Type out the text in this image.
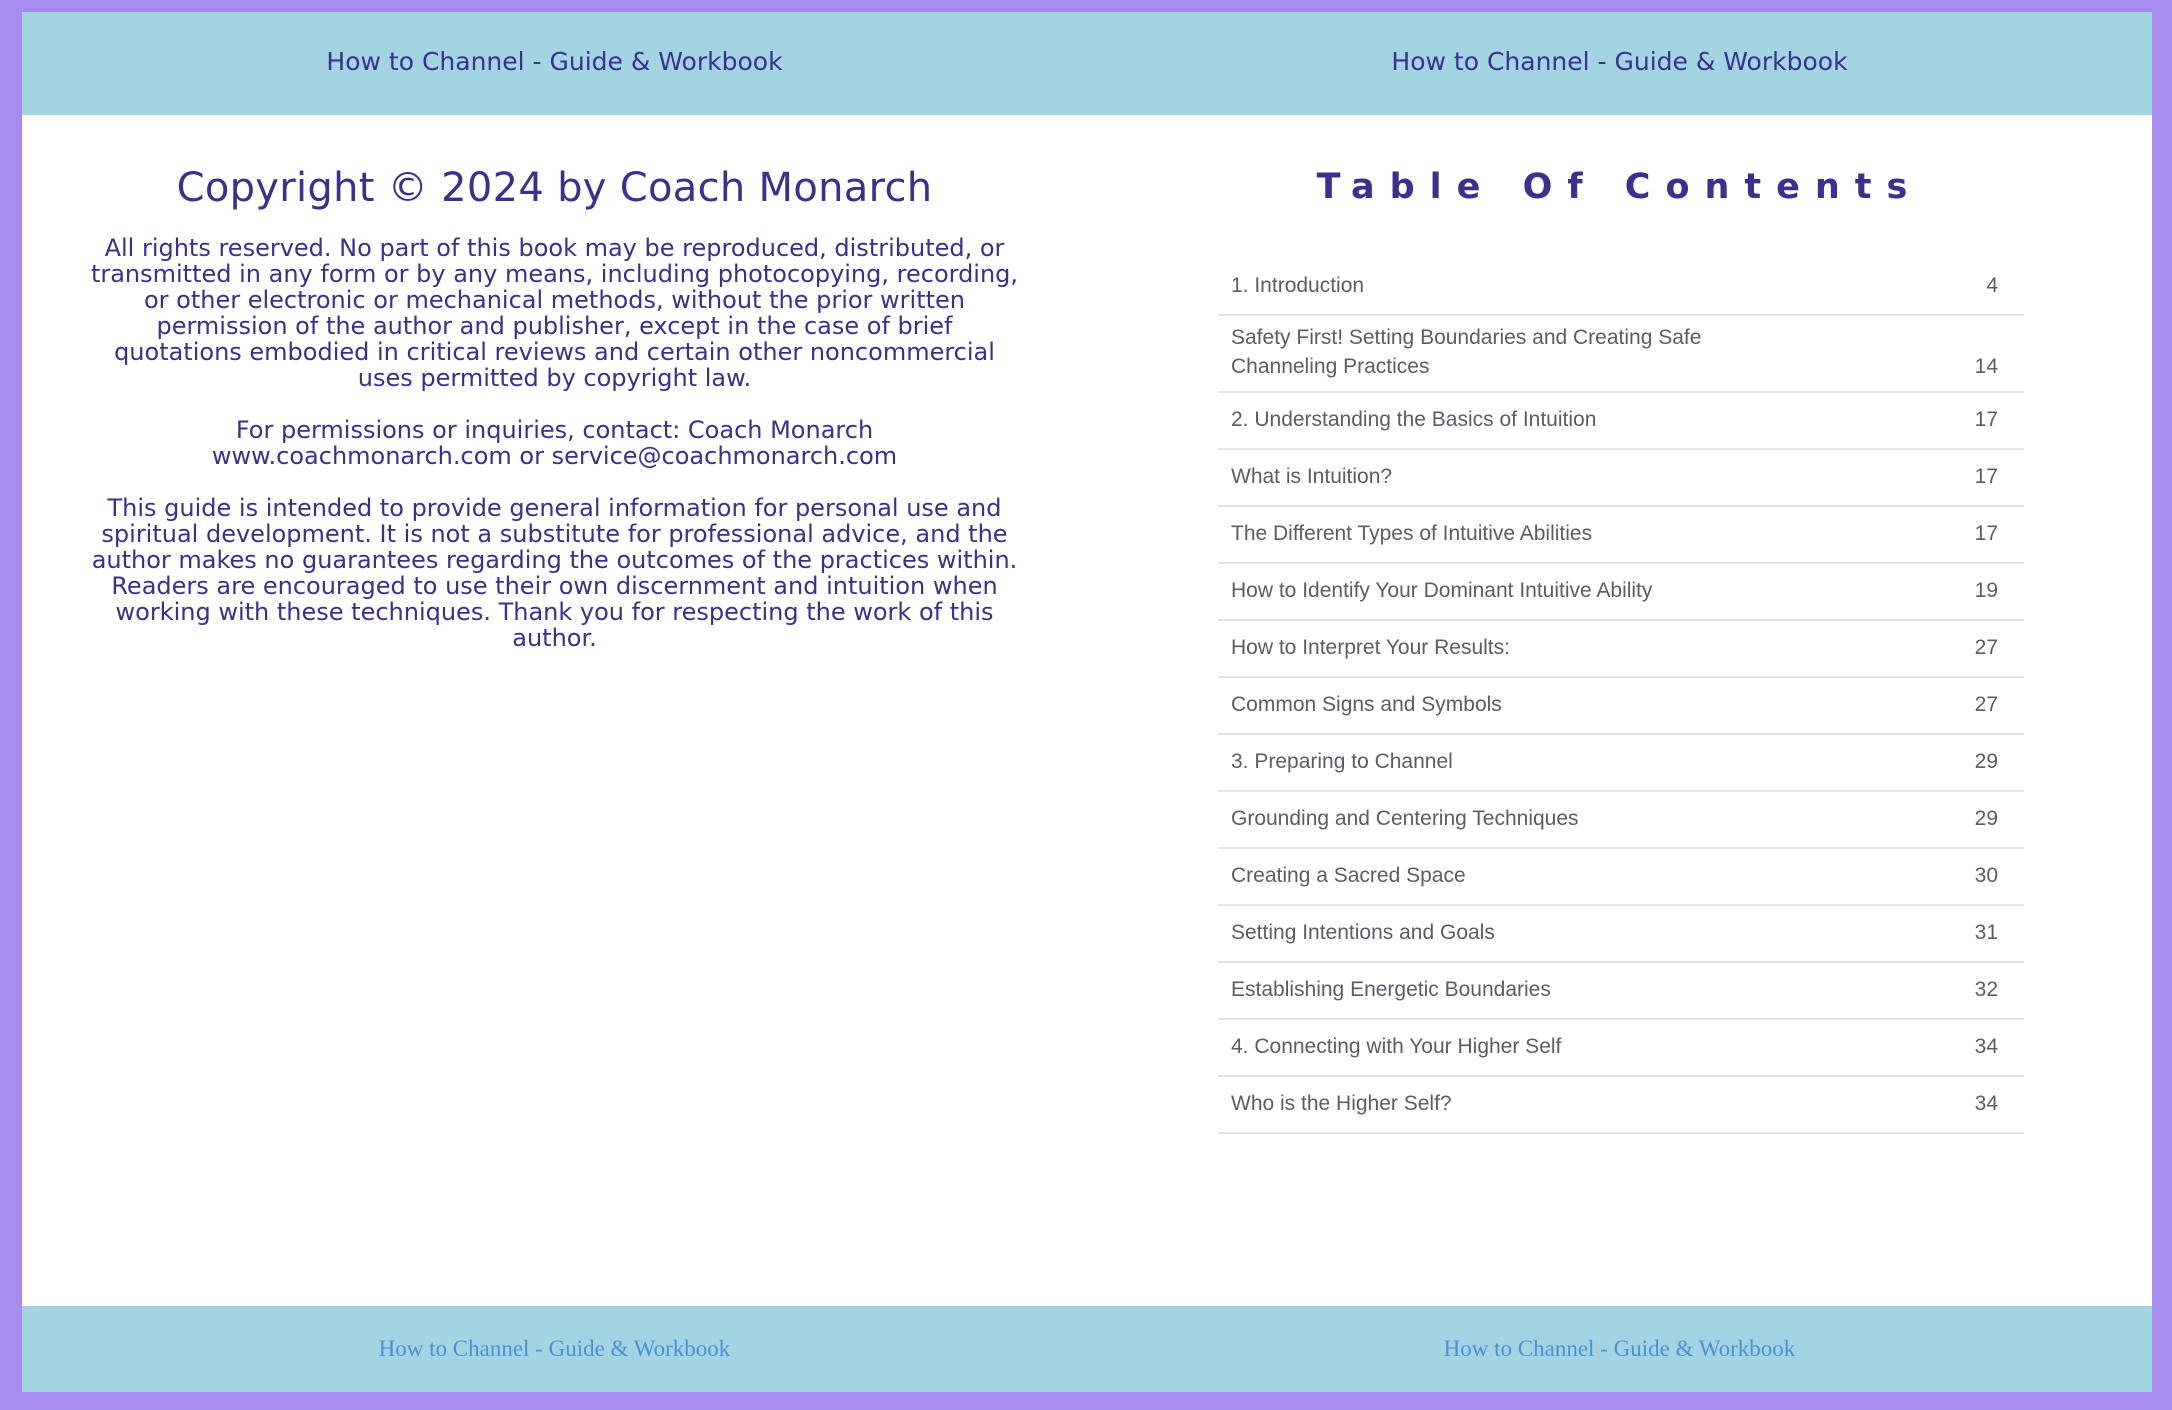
How to Channel - Guide & Workbook	How to Channel - Guide & Workbook
Copyright © 2024 by Coach Monarch

All rights reserved. No part of this book may be reproduced, distributed, or transmitted in any form or by any means, including photocopying, recording, or other electronic or mechanical methods, without the prior written permission of the author and publisher, except in the case of brief quotations embodied in critical reviews and certain other noncommercial uses permitted by copyright law.

For permissions or inquiries, contact: Coach Monarch
www.coachmonarch.com or service@coachmonarch.com

This guide is intended to provide general information for personal use and spiritual development. It is not a substitute for professional advice, and the author makes no guarantees regarding the outcomes of the practices within. Readers are encouraged to use their own discernment and intuition when working with these techniques. Thank you for respecting the work of this author.

Table Of Contents
1. Introduction	4
Safety First! Setting Boundaries and Creating Safe Channeling Practices	14
2. Understanding the Basics of Intuition	17
What is Intuition?	17
The Different Types of Intuitive Abilities	17
How to Identify Your Dominant Intuitive Ability	19
How to Interpret Your Results:	27
Common Signs and Symbols	27
3. Preparing to Channel	29
Grounding and Centering Techniques	29
Creating a Sacred Space	30
Setting Intentions and Goals	31
Establishing Energetic Boundaries	32
4. Connecting with Your Higher Self	34
Who is the Higher Self?	34
How to Channel - Guide & Workbook	How to Channel - Guide & Workbook
